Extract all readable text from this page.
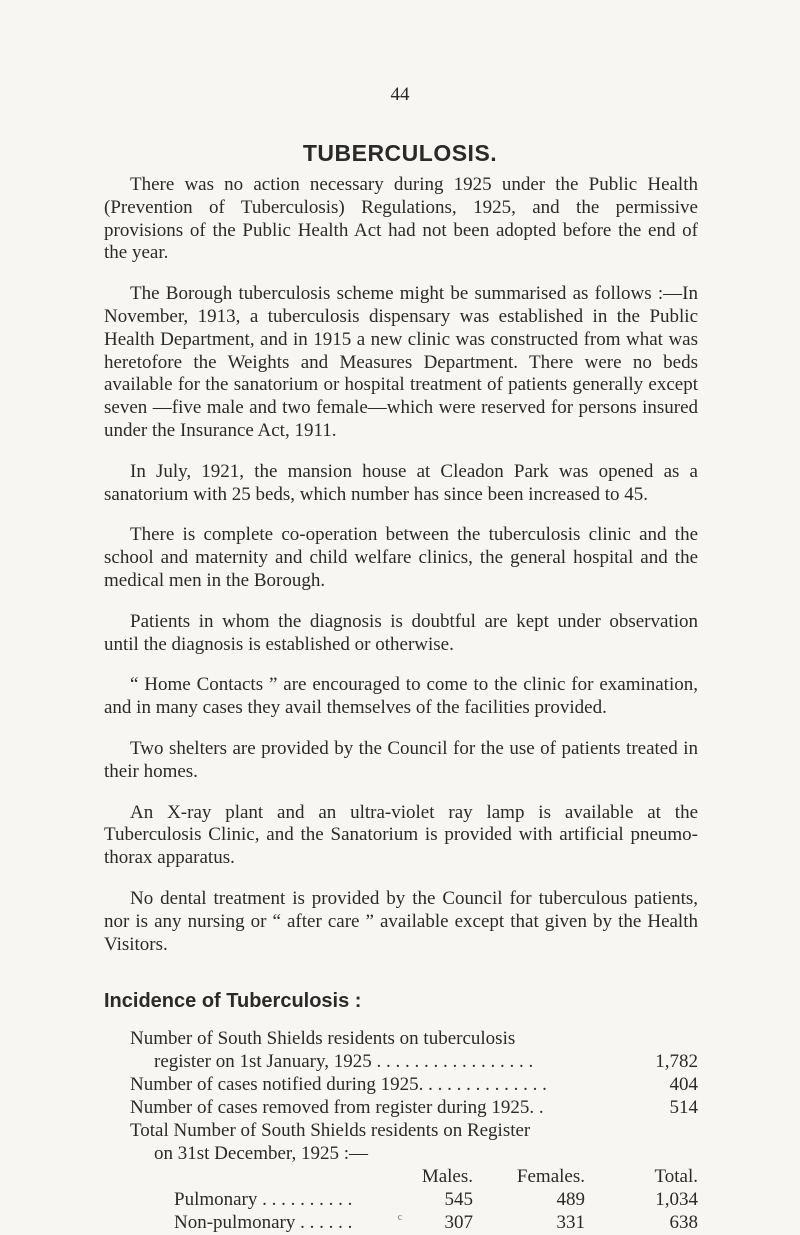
44
TUBERCULOSIS.

There was no action necessary during 1925 under the Public Health (Prevention of Tuberculosis) Regulations, 1925, and the permissive provisions of the Public Health Act had not been adopted before the end of the year.

The Borough tuberculosis scheme might be summarised as follows :—In November, 1913, a tuberculosis dispensary was established in the Public Health Department, and in 1915 a new clinic was constructed from what was heretofore the Weights and Measures Department. There were no beds available for the sanatorium or hospital treatment of patients generally except seven —five male and two female—which were reserved for persons insured under the Insurance Act, 1911.

In July, 1921, the mansion house at Cleadon Park was opened as a sanatorium with 25 beds, which number has since been increased to 45.

There is complete co-operation between the tuberculosis clinic and the school and maternity and child welfare clinics, the general hospital and the medical men in the Borough.

Patients in whom the diagnosis is doubtful are kept under observation until the diagnosis is established or otherwise.

“ Home Contacts ” are encouraged to come to the clinic for examination, and in many cases they avail themselves of the facilities provided.

Two shelters are provided by the Council for the use of patients treated in their homes.

An X-ray plant and an ultra-violet ray lamp is available at the Tuberculosis Clinic, and the Sanatorium is provided with artificial pneumo-thorax apparatus.

No dental treatment is provided by the Council for tuberculous patients, nor is any nursing or “ after care ” available except that given by the Health Visitors.

Incidence of Tuberculosis :
Number of South Shields residents on tuberculosis
register on 1st January, 1925 . . . . . . . . . . . . . . . . .	1,782
Number of cases notified during 1925. . . . . . . . . . . . . .	404
Number of cases removed from register during 1925. .	514
Total Number of South Shields residents on Register
on 31st December, 1925 :—
Males. Females.	Total.
Pulmonary . . . . . . . . . .	545	489	1,034
Non-pulmonary . . . . . .	307	331	638
c
